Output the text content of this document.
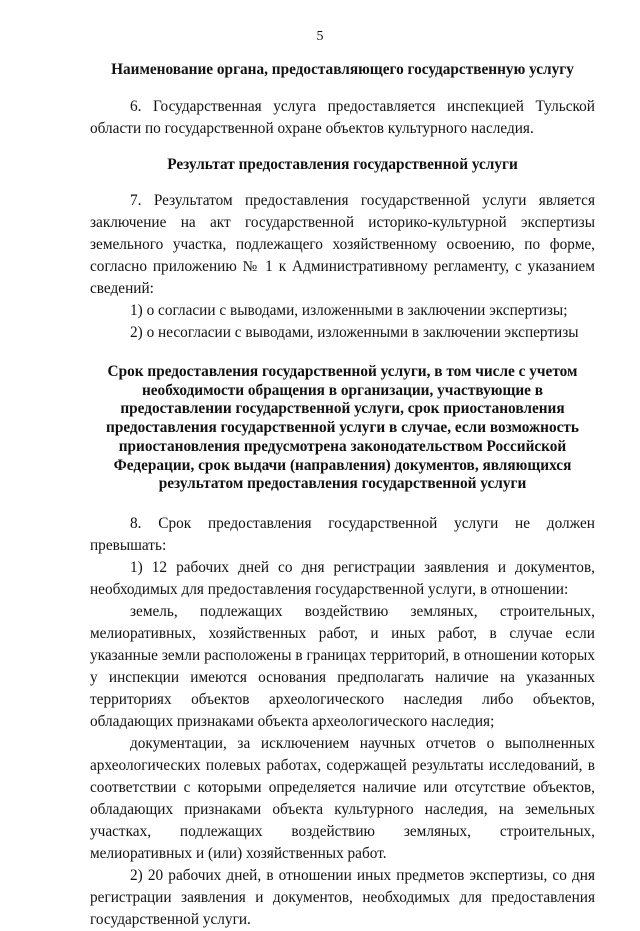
5
Наименование органа, предоставляющего государственную услугу

6. Государственная услуга предоставляется инспекцией Тульской области по государственной охране объектов культурного наследия.

Результат предоставления государственной услуги

7. Результатом предоставления государственной услуги является заключение на акт государственной историко-культурной экспертизы земельного участка, подлежащего хозяйственному освоению, по форме, согласно приложению № 1 к Административному регламенту, с указанием сведений:

1) о согласии с выводами, изложенными в заключении экспертизы;

2) о несогласии с выводами, изложенными в заключении экспертизы

Срок предоставления государственной услуги, в том числе с учетом необходимости обращения в организации, участвующие в предоставлении государственной услуги, срок приостановления предоставления государственной услуги в случае, если возможность приостановления предусмотрена законодательством Российской Федерации, срок выдачи (направления) документов, являющихся результатом предоставления государственной услуги

8. Срок предоставления государственной услуги не должен превышать:

1) 12 рабочих дней со дня регистрации заявления и документов, необходимых для предоставления государственной услуги, в отношении:

земель, подлежащих воздействию земляных, строительных, мелиоративных, хозяйственных работ, и иных работ, в случае если указанные земли расположены в границах территорий, в отношении которых у инспекции имеются основания предполагать наличие на указанных территориях объектов археологического наследия либо объектов, обладающих признаками объекта археологического наследия;

документации, за исключением научных отчетов о выполненных археологических полевых работах, содержащей результаты исследований, в соответствии с которыми определяется наличие или отсутствие объектов, обладающих признаками объекта культурного наследия, на земельных участках, подлежащих воздействию земляных, строительных, мелиоративных и (или) хозяйственных работ.

2) 20 рабочих дней, в отношении иных предметов экспертизы, со дня регистрации заявления и документов, необходимых для предоставления государственной услуги.
